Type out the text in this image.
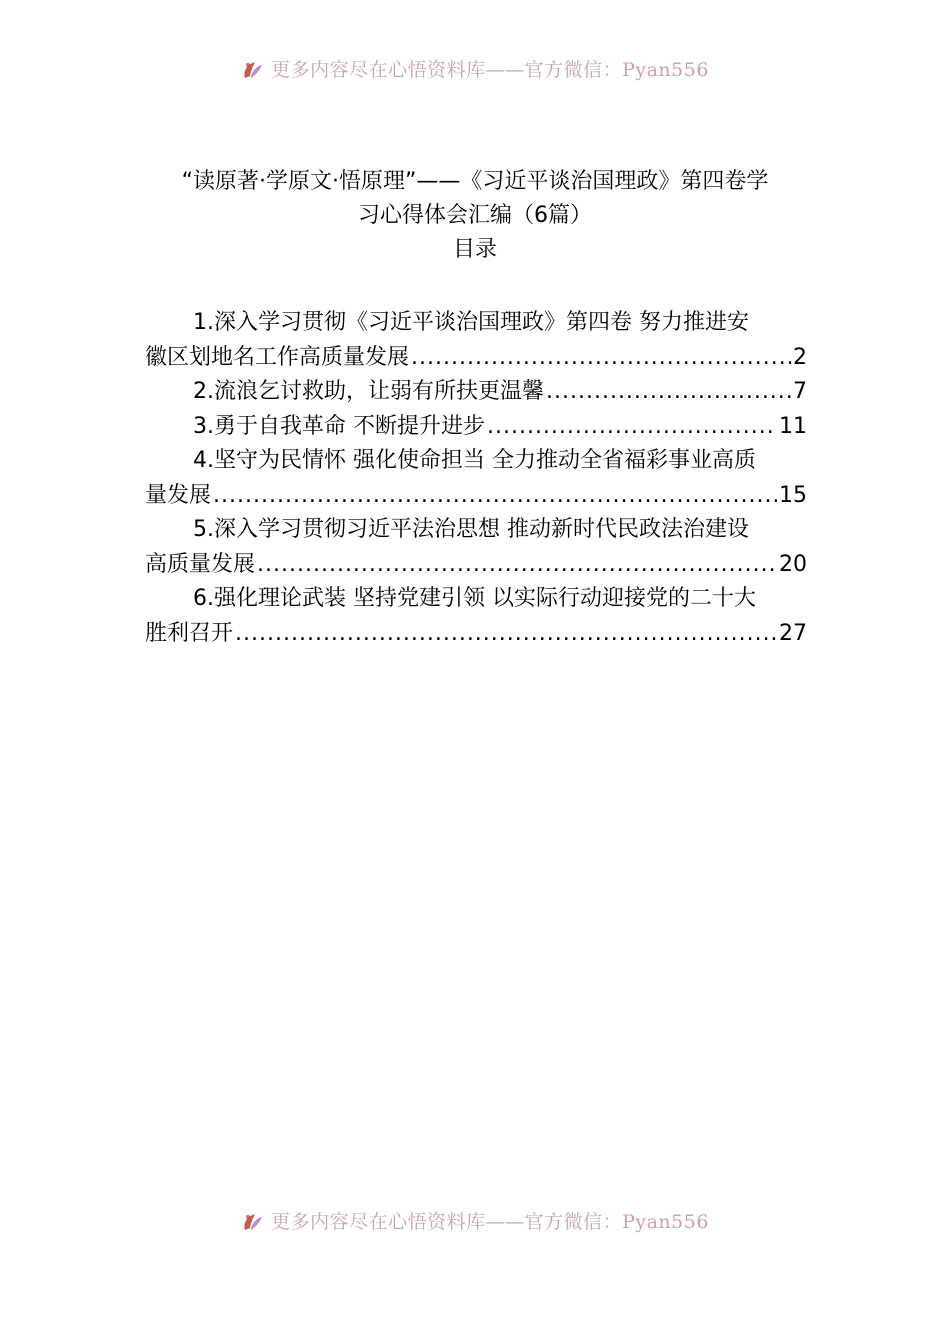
更多内容尽在心悟资料库——官方微信：Pyan556
“读原著·学原文·悟原理”——《习近平谈治国理政》第四卷学
习心得体会汇编（6篇）
目录
1.深入学习贯彻《习近平谈治国理政》第四卷 努力推进安
徽区划地名工作高质量发展 .....	2
2.流浪乞讨救助，让弱有所扶更温馨 .....	7
3.勇于自我革命 不断提升进步 .....	11
4.坚守为民情怀 强化使命担当 全力推动全省福彩事业高质
量发展 .....	15
5.深入学习贯彻习近平法治思想 推动新时代民政法治建设
高质量发展 .....	20
6.强化理论武装 坚持党建引领 以实际行动迎接党的二十大
胜利召开 .....	27
更多内容尽在心悟资料库——官方微信：Pyan556
